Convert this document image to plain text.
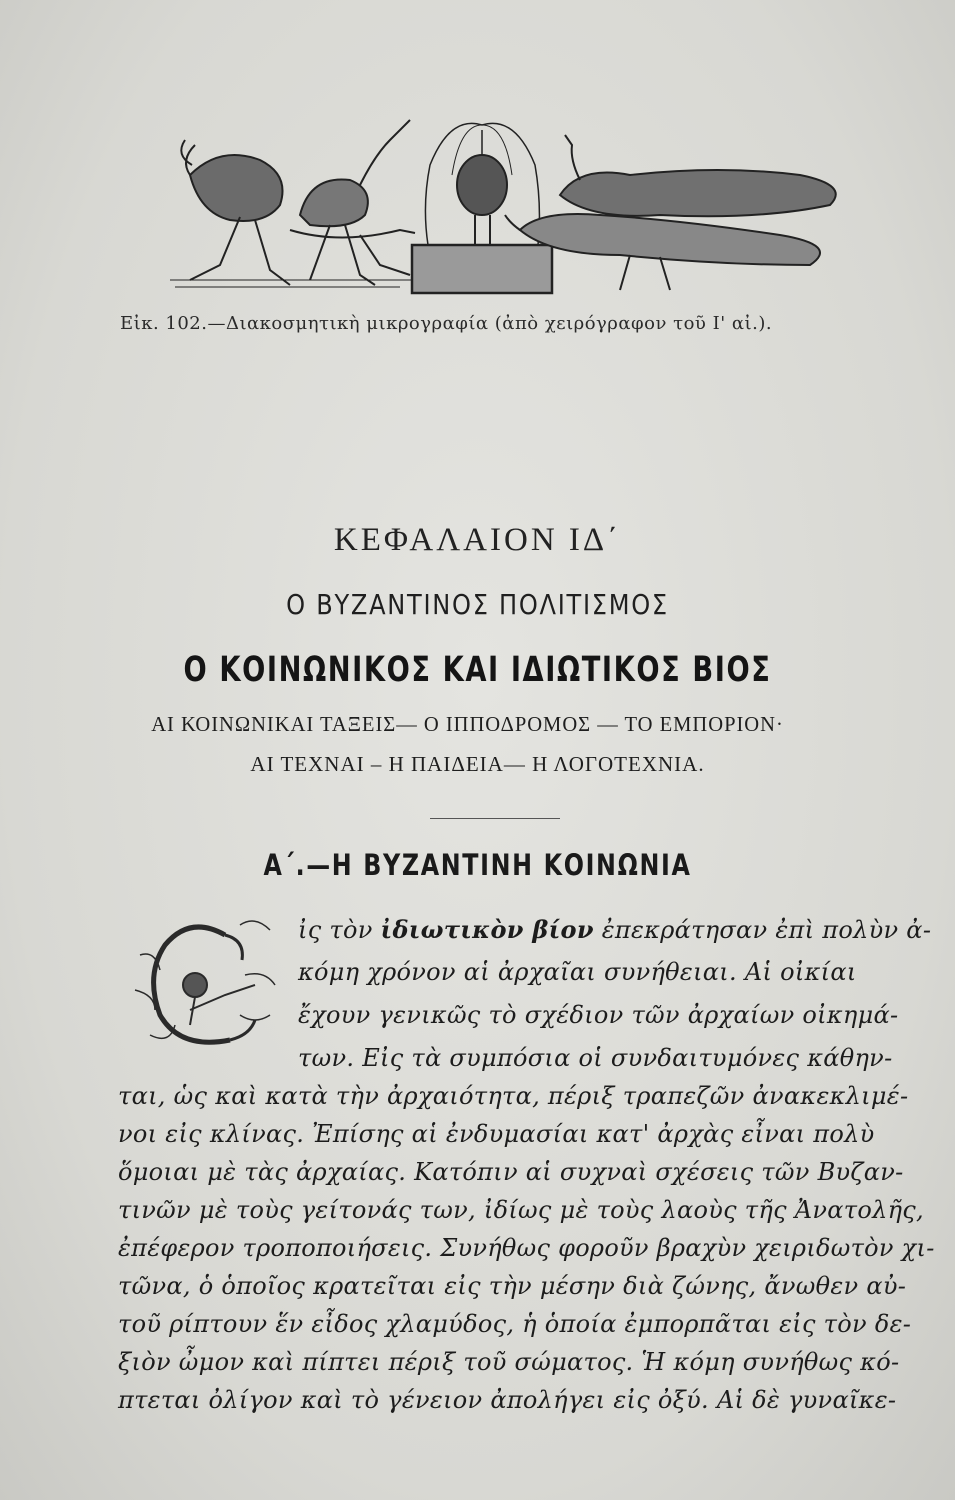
Εἰκ. 102.—Διακοσμητικὴ μικρογραφία (ἀπὸ χειρόγραφον τοῦ Ι' αἰ.).
ΚΕΦΑΛΑΙΟΝ ΙΔ΄
Ο ΒΥΖΑΝΤΙΝΟΣ ΠΟΛΙΤΙΣΜΟΣ
Ο ΚΟΙΝΩΝΙΚΟΣ ΚΑΙ ΙΔΙΩΤΙΚΟΣ ΒΙΟΣ
ΑΙ ΚΟΙΝΩΝΙΚΑΙ ΤΑΞΕΙΣ— Ο ΙΠΠΟΔΡΟΜΟΣ — ΤΟ ΕΜΠΟΡΙΟΝ·
ΑΙ ΤΕΧΝΑΙ – Η ΠΑΙΔΕΙΑ— Η ΛΟΓΟΤΕΧΝΙΑ.
Α΄.—Η ΒΥΖΑΝΤΙΝΗ ΚΟΙΝΩΝΙΑ
ἰς τὸν ἰδιωτικὸν βίον ἐπεκράτησαν ἐπὶ πολὺν ἀ-
κόμη χρόνον αἱ ἀρχαῖαι συνήθειαι. Αἱ οἰκίαι
ἔχουν γενικῶς τὸ σχέδιον τῶν ἀρχαίων οἰκημά-
των. Εἰς τὰ συμπόσια οἱ συνδαιτυμόνες κάθην-
ται, ὡς καὶ κατὰ τὴν ἀρχαιότητα, πέριξ τραπεζῶν ἀνακεκλιμέ-
νοι εἰς κλίνας. Ἐπίσης αἱ ἐνδυμασίαι κατ' ἀρχὰς εἶναι πολὺ
ὅμοιαι μὲ τὰς ἀρχαίας. Κατόπιν αἱ συχναὶ σχέσεις τῶν Βυζαν-
τινῶν μὲ τοὺς γείτονάς των, ἰδίως μὲ τοὺς λαοὺς τῆς Ἀνατολῆς,
ἐπέφερον τροποποιήσεις. Συνήθως φοροῦν βραχὺν χειριδωτὸν χι-
τῶνα, ὁ ὁποῖος κρατεῖται εἰς τὴν μέσην διὰ ζώνης, ἄνωθεν αὐ-
τοῦ ρίπτουν ἕν εἶδος χλαμύδος, ἡ ὁποία ἐμπορπᾶται εἰς τὸν δε-
ξιὸν ὦμον καὶ πίπτει πέριξ τοῦ σώματος. Ἡ κόμη συνήθως κό-
πτεται ὀλίγον καὶ τὸ γένειον ἀπολήγει εἰς ὀξύ. Αἱ δὲ γυναῖκε-
